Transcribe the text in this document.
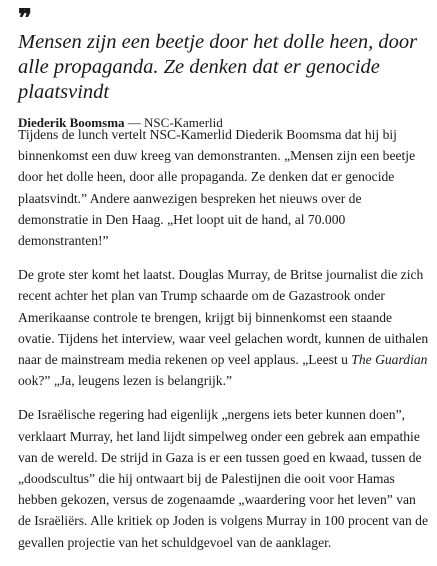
❞

Mensen zijn een beetje door het dolle heen, door alle propaganda. Ze denken dat er genocide plaatsvindt

Diederik Boomsma — NSC-Kamerlid

Tijdens de lunch vertelt NSC-Kamerlid Diederik Boomsma dat hij bij binnenkomst een duw kreeg van demonstranten. „Mensen zijn een beetje door het dolle heen, door alle propaganda. Ze denken dat er genocide plaatsvindt.” Andere aanwezigen bespreken het nieuws over de demonstratie in Den Haag. „Het loopt uit de hand, al 70.000 demonstranten!”

De grote ster komt het laatst. Douglas Murray, de Britse journalist die zich recent achter het plan van Trump schaarde om de Gazastrook onder Amerikaanse controle te brengen, krijgt bij binnenkomst een staande ovatie. Tijdens het interview, waar veel gelachen wordt, kunnen de uithalen naar de mainstream media rekenen op veel applaus. „Leest u The Guardian ook?” „Ja, leugens lezen is belangrijk.”

De Israëlische regering had eigenlijk „nergens iets beter kunnen doen”, verklaart Murray, het land lijdt simpelweg onder een gebrek aan empathie van de wereld. De strijd in Gaza is er een tussen goed en kwaad, tussen de „doodscultus” die hij ontwaart bij de Palestijnen die ooit voor Hamas hebben gekozen, versus de zogenaamde „waardering voor het leven” van de Israëliërs. Alle kritiek op Joden is volgens Murray in 100 procent van de gevallen projectie van het schuldgevoel van de aanklager.
